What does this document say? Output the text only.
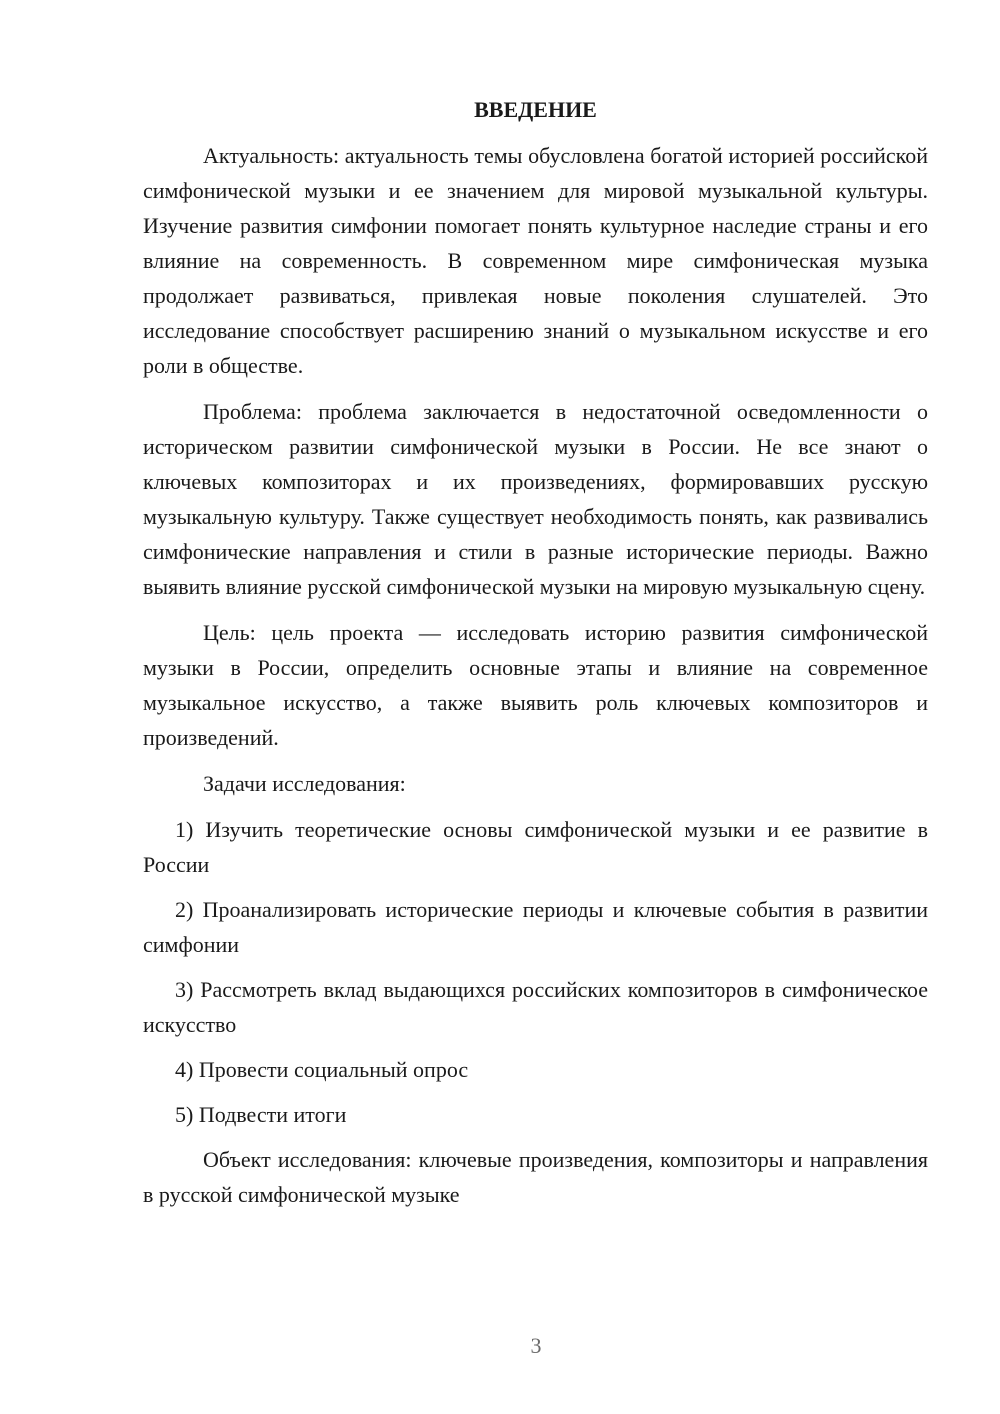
ВВЕДЕНИЕ

Актуальность: актуальность темы обусловлена богатой историей российской симфонической музыки и ее значением для мировой музыкальной культуры. Изучение развития симфонии помогает понять культурное наследие страны и его влияние на современность. В современном мире симфоническая музыка продолжает развиваться, привлекая новые поколения слушателей. Это исследование способствует расширению знаний о музыкальном искусстве и его роли в обществе.

Проблема: проблема заключается в недостаточной осведомленности о историческом развитии симфонической музыки в России. Не все знают о ключевых композиторах и их произведениях, формировавших русскую музыкальную культуру. Также существует необходимость понять, как развивались симфонические направления и стили в разные исторические периоды. Важно выявить влияние русской симфонической музыки на мировую музыкальную сцену.

Цель: цель проекта — исследовать историю развития симфонической музыки в России, определить основные этапы и влияние на современное музыкальное искусство, а также выявить роль ключевых композиторов и произведений.

Задачи исследования:

1) Изучить теоретические основы симфонической музыки и ее развитие в России

2) Проанализировать исторические периоды и ключевые события в развитии симфонии

3) Рассмотреть вклад выдающихся российских композиторов в симфоническое искусство

4) Провести социальный опрос

5) Подвести итоги

Объект исследования: ключевые произведения, композиторы и направления в русской симфонической музыке

3
